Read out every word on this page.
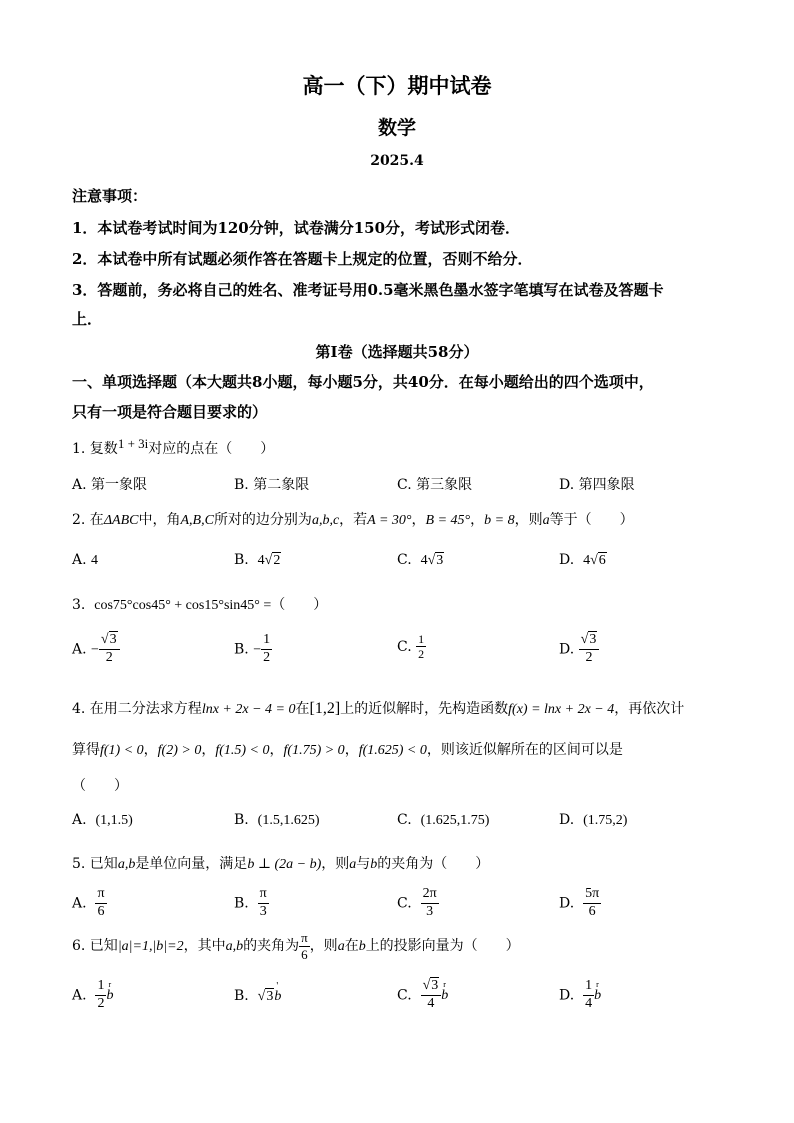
高一（下）期中试卷
数学
2025.4
注意事项：
1．本试卷考试时间为120分钟，试卷满分150分，考试形式闭卷．
2．本试卷中所有试题必须作答在答题卡上规定的位置，否则不给分．
3．答题前，务必将自己的姓名、准考证号用0.5毫米黑色墨水签字笔填写在试卷及答题卡
上．
第Ⅰ卷（选择题共58分）
一、单项选择题（本大题共8小题，每小题5分，共40分．在每小题给出的四个选项中，
只有一项是符合题目要求的）
1. 复数1 + 3i对应的点在（　　）
A. 第一象限	B. 第二象限	C. 第三象限	D. 第四象限
2. 在ΔABC中，角A,B,C所对的边分别为a,b,c，若A = 30°，B = 45°，b = 8，则a等于（　　）
A. 4	B. 4√2	C. 4√3	D. 4√6
3. cos75°cos45° + cos15°sin45° =（　　）
A. − $\frac{√3}{2}$	B. − $\frac{1}{2}$	C. $\frac{1}{2}$	D. $\frac{√3}{2}$
4. 在用二分法求方程lnx + 2x − 4 = 0在[1,2]上的近似解时，先构造函数f(x) = lnx + 2x − 4，再依次计
算得f(1) < 0，f(2) > 0，f(1.5) < 0，f(1.75) > 0，f(1.625) < 0，则该近似解所在的区间可以是
（　　）
A. (1,1.5)	B. (1.5,1.625)	C. (1.625,1.75)	D. (1.75,2)
5. 已知a,b是单位向量，满足b ⊥ (2a − b)，则a与b的夹角为（　　）
A. $\frac{\pi}{6}$	B. $\frac{\pi}{3}$	C. $\frac{2\pi}{3}$	D. $\frac{5\pi}{6}$
6. 已知|a|=1,|b|=2，其中a,b的夹角为 $\frac{\pi}{6}$ ，则a在b上的投影向量为（　　）
A. $\frac{1}{2}$ r b	B. √3' b	C. $\frac{√3}{4}$ r b	D. $\frac{1}{4}$ r b
